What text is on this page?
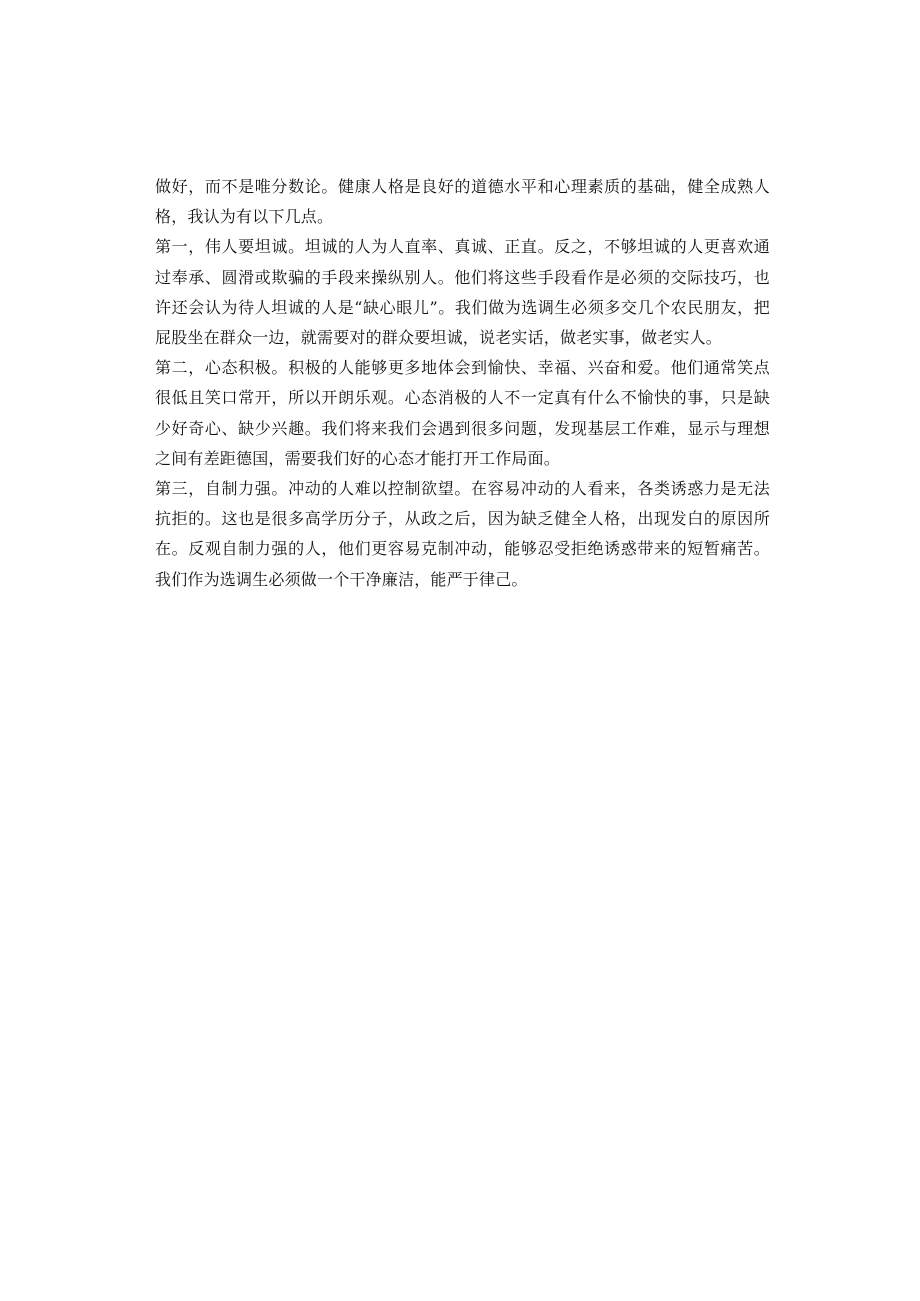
做好，而不是唯分数论。健康人格是良好的道德水平和心理素质的基础，健全成熟人格，我认为有以下几点。

第一，伟人要坦诚。坦诚的人为人直率、真诚、正直。反之，不够坦诚的人更喜欢通过奉承、圆滑或欺骗的手段来操纵别人。他们将这些手段看作是必须的交际技巧，也许还会认为待人坦诚的人是“缺心眼儿”。我们做为选调生必须多交几个农民朋友，把屁股坐在群众一边，就需要对的群众要坦诚，说老实话，做老实事，做老实人。

第二，心态积极。积极的人能够更多地体会到愉快、幸福、兴奋和爱。他们通常笑点很低且笑口常开，所以开朗乐观。心态消极的人不一定真有什么不愉快的事，只是缺少好奇心、缺少兴趣。我们将来我们会遇到很多问题，发现基层工作难，显示与理想之间有差距德国，需要我们好的心态才能打开工作局面。

第三，自制力强。冲动的人难以控制欲望。在容易冲动的人看来，各类诱惑力是无法抗拒的。这也是很多高学历分子，从政之后，因为缺乏健全人格，出现发白的原因所在。反观自制力强的人，他们更容易克制冲动，能够忍受拒绝诱惑带来的短暂痛苦。我们作为选调生必须做一个干净廉洁，能严于律己。
